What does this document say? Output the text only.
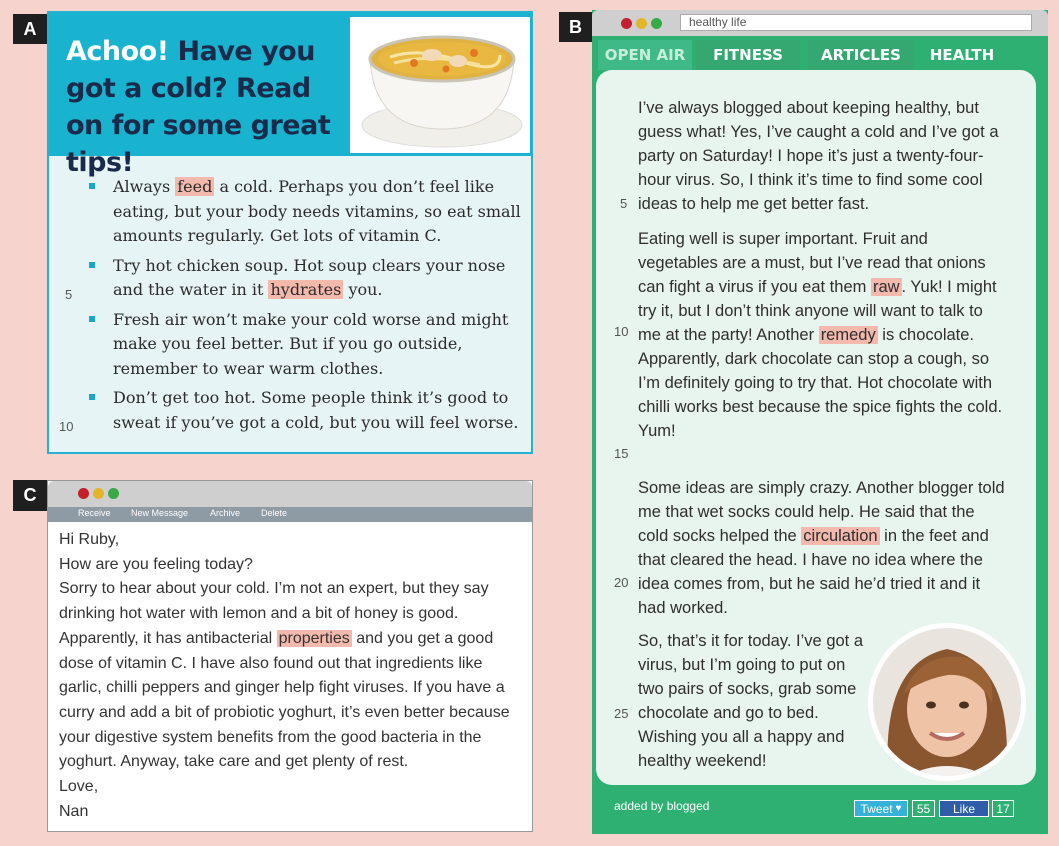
A	B
C
Achoo! Have you got a cold? Read on for some great tips!
Always feed a cold. Perhaps you don’t feel like eating, but your body needs vitamins, so eat small amounts regularly. Get lots of vitamin C.
Try hot chicken soup. Hot soup clears your nose and the water in it hydrates you.
Fresh air won’t make your cold worse and might make you feel better. But if you go outside, remember to wear warm clothes.
Don’t get too hot. Some people think it’s good to sweat if you’ve got a cold, but you will feel worse.
5
10
healthy life
OPEN AIR	FITNESS	ARTICLES	HEALTH
I’ve always blogged about keeping healthy, but guess what! Yes, I’ve caught a cold and I’ve got a party on Saturday! I hope it’s just a twenty-four-hour virus. So, I think it’s time to find some cool ideas to help me get better fast.
Eating well is super important. Fruit and vegetables are a must, but I’ve read that onions can fight a virus if you eat them raw . Yuk! I might try it, but I don’t think anyone will want to talk to me at the party! Another remedy is chocolate. Apparently, dark chocolate can stop a cough, so I’m definitely going to try that. Hot chocolate with chilli works best because the spice fights the cold. Yum!
Some ideas are simply crazy. Another blogger told me that wet socks could help. He said that the cold socks helped the circulation in the feet and that cleared the head. I have no idea where the idea comes from, but he said he’d tried it and it had worked.
So, that’s it for today. I’ve got a virus, but I’m going to put on two pairs of socks, grab some chocolate and go to bed. Wishing you all a happy and healthy weekend!
5
10
15
20
25
added by blogged	Tweet ♥	55	Like	17
Receive New Message Archive Delete
Hi Ruby,
How are you feeling today?
Sorry to hear about your cold. I’m not an expert, but they say drinking hot water with lemon and a bit of honey is good. Apparently, it has antibacterial properties and you get a good dose of vitamin C. I have also found out that ingredients like garlic, chilli peppers and ginger help fight viruses. If you have a curry and add a bit of probiotic yoghurt, it’s even better because your digestive system benefits from the good bacteria in the yoghurt. Anyway, take care and get plenty of rest.
Love,
Nan
